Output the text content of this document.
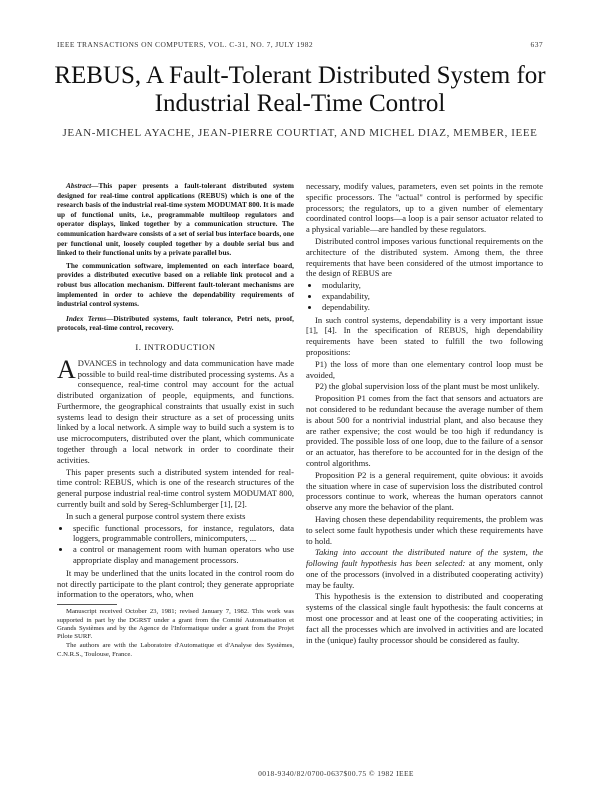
IEEE TRANSACTIONS ON COMPUTERS, VOL. C-31, NO. 7, JULY 1982	637
REBUS, A Fault-Tolerant Distributed System for Industrial Real-Time Control
JEAN-MICHEL AYACHE, JEAN-PIERRE COURTIAT, AND MICHEL DIAZ, MEMBER, IEEE

Abstract—This paper presents a fault-tolerant distributed system designed for real-time control applications (REBUS) which is one of the research basis of the industrial real-time system MODUMAT 800. It is made up of functional units, i.e., programmable multiloop regulators and operator displays, linked together by a communication structure. The communication hardware consists of a set of serial bus interface boards, one per functional unit, loosely coupled together by a double serial bus and linked to their functional units by a private parallel bus.

The communication software, implemented on each interface board, provides a distributed executive based on a reliable link protocol and a robust bus allocation mechanism. Different fault-tolerant mechanisms are implemented in order to achieve the dependability requirements of industrial control systems.

Index Terms—Distributed systems, fault tolerance, Petri nets, proof, protocols, real-time control, recovery.

I. INTRODUCTION

ADVANCES in technology and data communication have made possible to build real-time distributed processing systems. As a consequence, real-time control may account for the actual distributed organization of people, equipments, and functions. Furthermore, the geographical constraints that usually exist in such systems lead to design their structure as a set of processing units linked by a local network. A simple way to build such a system is to use microcomputers, distributed over the plant, which communicate together through a local network in order to coordinate their activities.

This paper presents such a distributed system intended for real-time control: REBUS, which is one of the research structures of the general purpose industrial real-time control system MODUMAT 800, currently built and sold by Sereg-Schlumberger [1], [2].

In such a general purpose control system there exists

• specific functional processors, for instance, regulators, data loggers, programmable controllers, minicomputers, ...
• a control or management room with human operators who use appropriate display and management processors.

It may be underlined that the units located in the control room do not directly participate to the plant control; they generate appropriate information to the operators, who, when

Manuscript received October 23, 1981; revised January 7, 1982. This work was supported in part by the DGRST under a grant from the Comité Automatisation et Grands Systèmes and by the Agence de l'Informatique under a grant from the Projet Pilote SURF.

The authors are with the Laboratoire d'Automatique et d'Analyse des Systèmes, C.N.R.S., Toulouse, France.

necessary, modify values, parameters, even set points in the remote specific processors. The "actual" control is performed by specific processors; the regulators, up to a given number of elementary coordinated control loops—a loop is a pair sensor actuator related to a physical variable—are handled by these regulators.

Distributed control imposes various functional requirements on the architecture of the distributed system. Among them, the three requirements that have been considered of the utmost importance to the design of REBUS are

• modularity,
• expandability,
• dependability.

In such control systems, dependability is a very important issue [1], [4]. In the specification of REBUS, high dependability requirements have been stated to fulfill the two following propositions:

P1) the loss of more than one elementary control loop must be avoided,

P2) the global supervision loss of the plant must be most unlikely.

Proposition P1 comes from the fact that sensors and actuators are not considered to be redundant because the average number of them is about 500 for a nontrivial industrial plant, and also because they are rather expensive; the cost would be too high if redundancy is provided. The possible loss of one loop, due to the failure of a sensor or an actuator, has therefore to be accounted for in the design of the control algorithms.

Proposition P2 is a general requirement, quite obvious: it avoids the situation where in case of supervision loss the distributed control processors continue to work, whereas the human operators cannot observe any more the behavior of the plant.

Having chosen these dependability requirements, the problem was to select some fault hypothesis under which these requirements have to hold.

Taking into account the distributed nature of the system, the following fault hypothesis has been selected: at any moment, only one of the processors (involved in a distributed cooperating activity) may be faulty.

This hypothesis is the extension to distributed and cooperating systems of the classical single fault hypothesis: the fault concerns at most one processor and at least one of the cooperating activities; in fact all the processes which are involved in activities and are located in the (unique) faulty processor should be considered as faulty.

0018-9340/82/0700-0637$00.75 © 1982 IEEE
